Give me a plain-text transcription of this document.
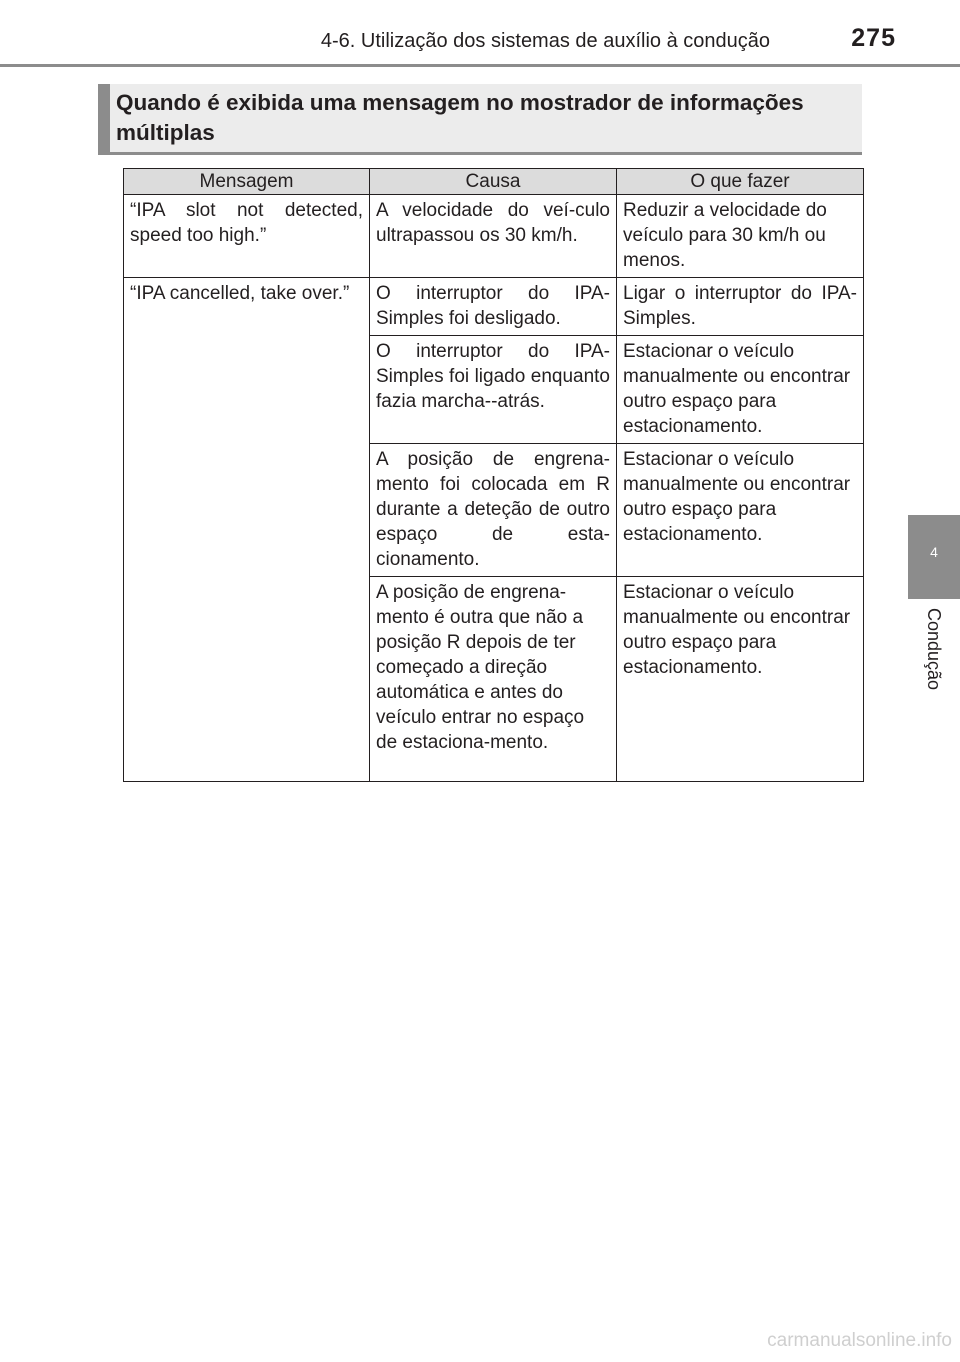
4-6. Utilização dos sistemas de auxílio à condução	275
4
Condução
Quando é exibida uma mensagem no mostrador de informações múltiplas
Mensagem	Causa	O que fazer
“IPA slot not detected, speed too high.”	A velocidade do veí-culo ultrapassou os 30 km/h.	Reduzir a velocidade do veículo para 30 km/h ou menos.
“IPA cancelled, take over.”	O interruptor do IPA-Simples foi desligado.	Ligar o interruptor do IPA-Simples.
	O interruptor do IPA-Simples foi ligado enquanto fazia marcha--atrás.	Estacionar o veículo manualmente ou encontrar outro espaço para estacionamento.
	A posição de engrena-mento foi colocada em R durante a deteção de outro espaço de esta-cionamento.	Estacionar o veículo manualmente ou encontrar outro espaço para estacionamento.
	A posição de engrena-mento é outra que não a posição R depois de ter começado a direção automática e antes do veículo entrar no espaço de estaciona-mento.	Estacionar o veículo manualmente ou encontrar outro espaço para estacionamento.
carmanualsonline.info
